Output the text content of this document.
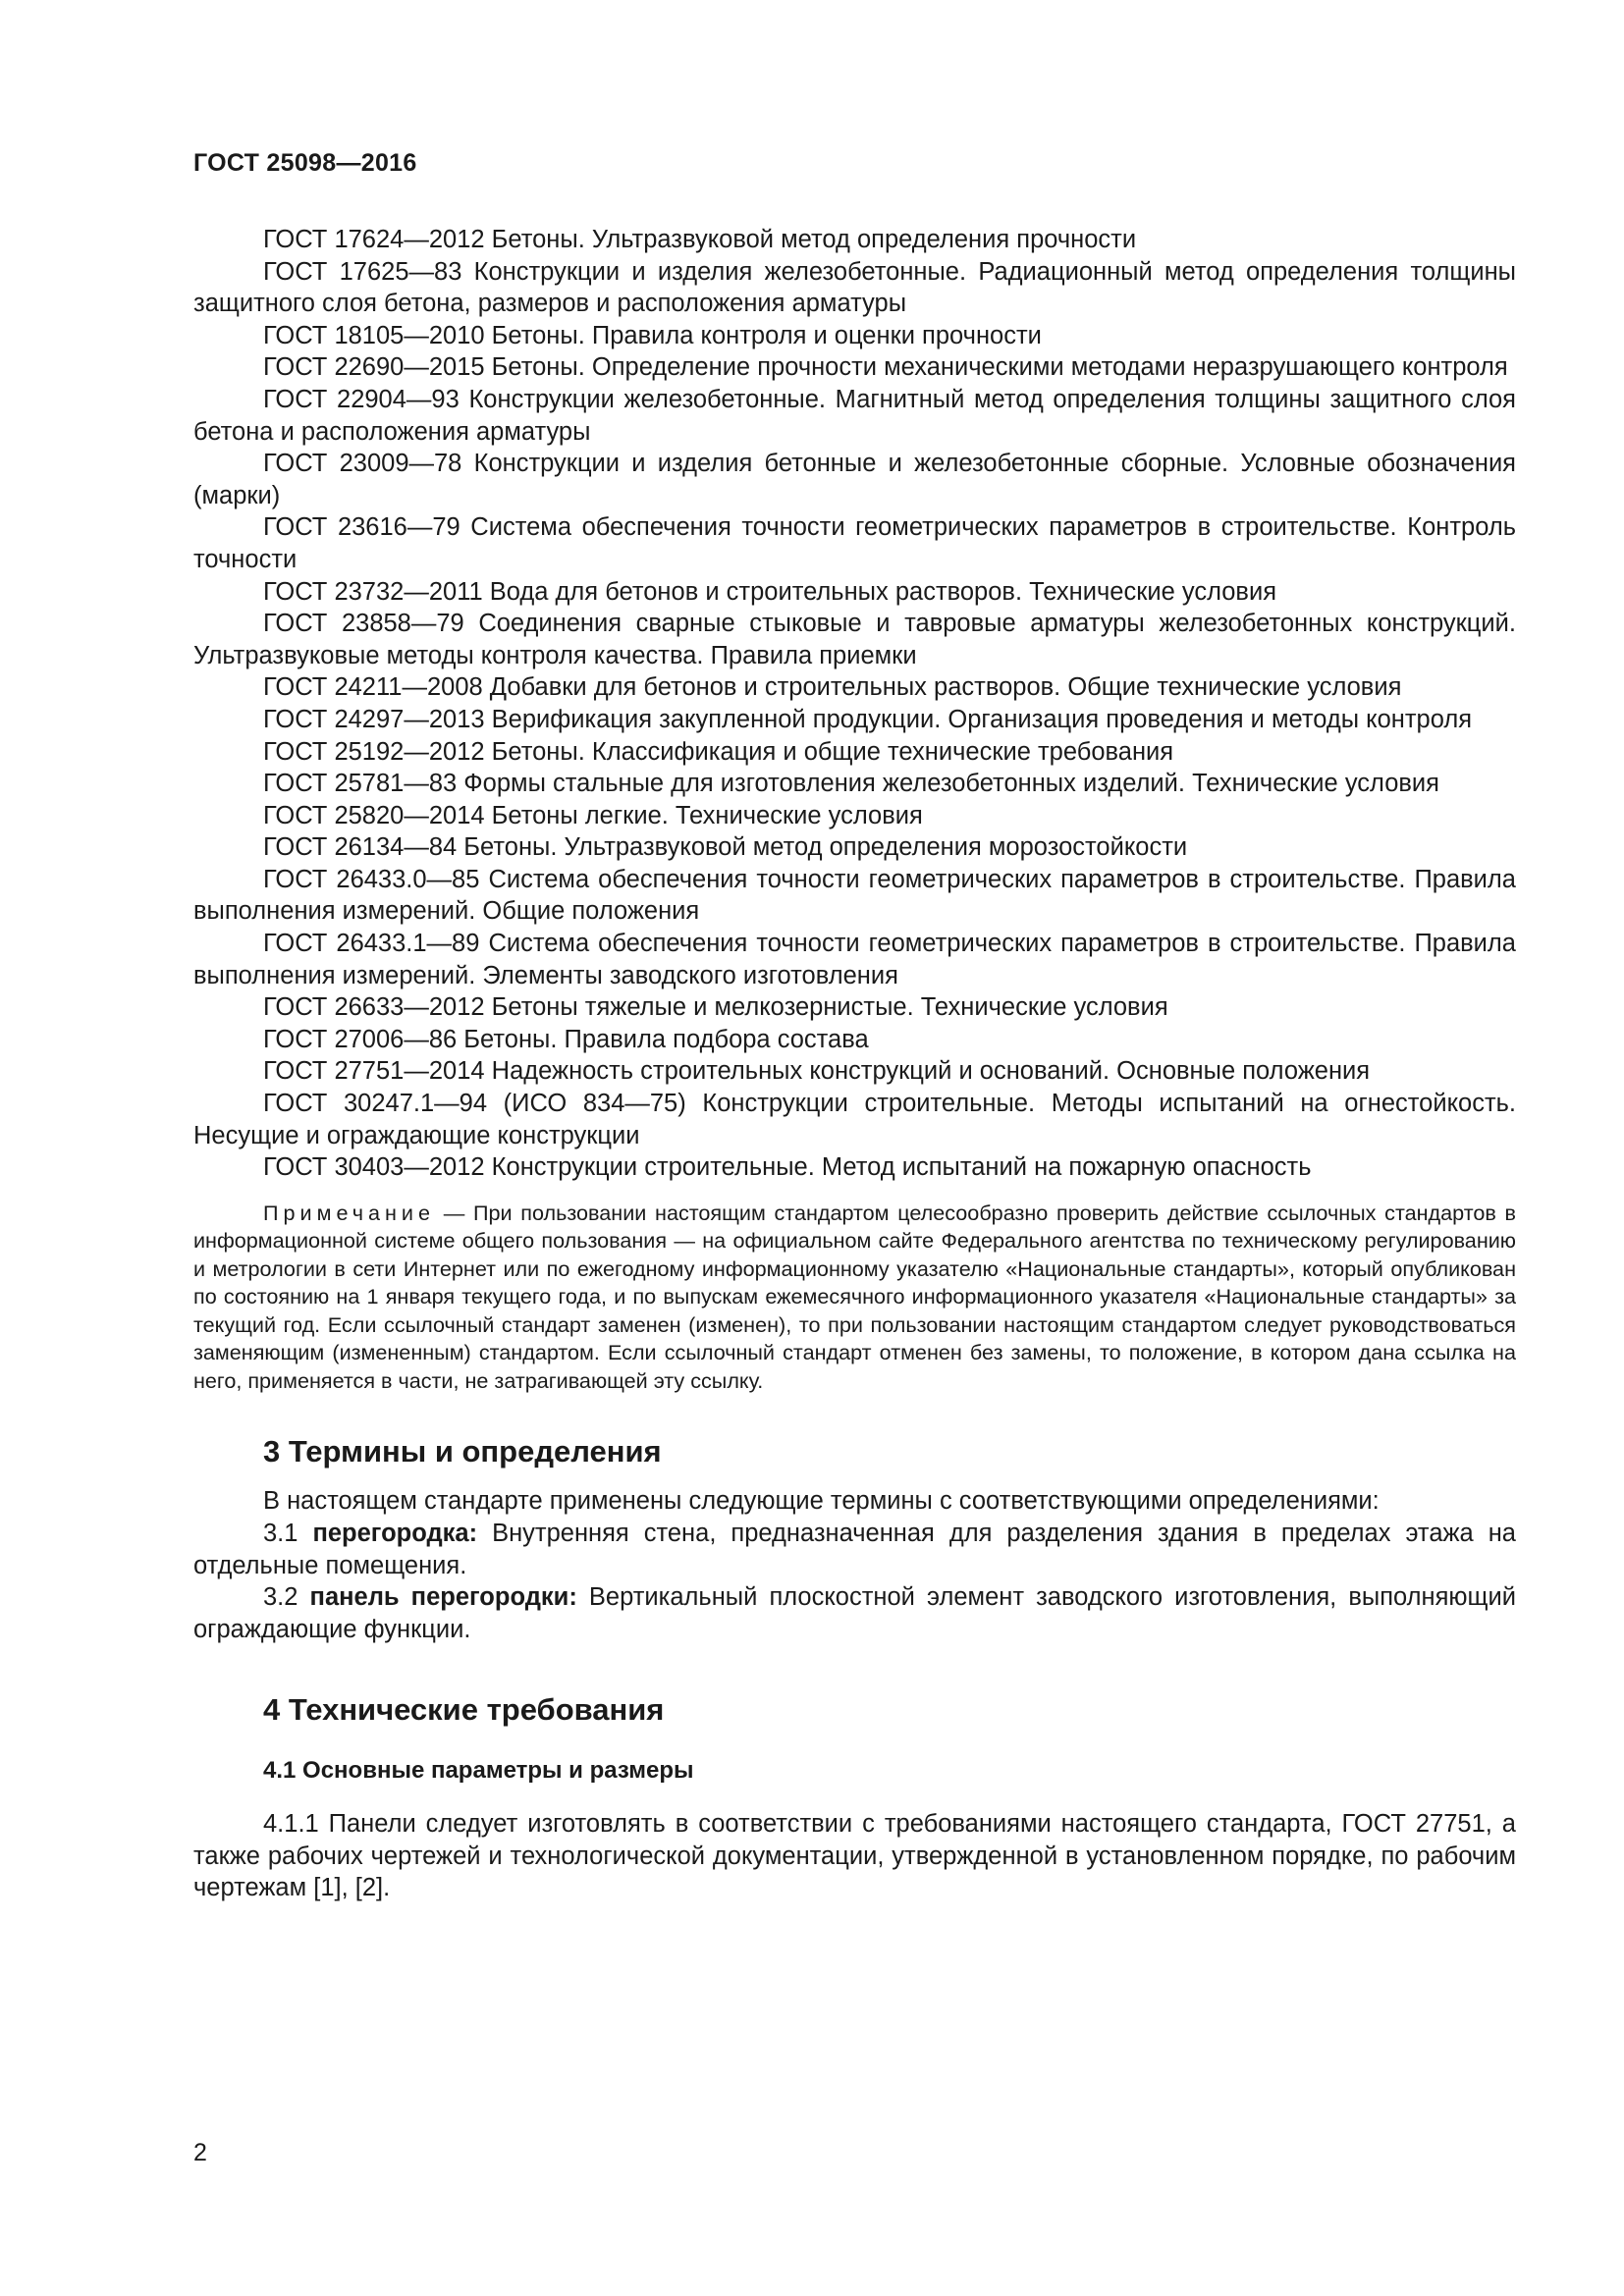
ГОСТ 25098—2016

ГОСТ 17624—2012 Бетоны. Ультразвуковой метод определения прочности

ГОСТ 17625—83 Конструкции и изделия железобетонные. Радиационный метод определения толщины защитного слоя бетона, размеров и расположения арматуры

ГОСТ 18105—2010 Бетоны. Правила контроля и оценки прочности

ГОСТ 22690—2015 Бетоны. Определение прочности механическими методами неразрушающего контроля

ГОСТ 22904—93 Конструкции железобетонные. Магнитный метод определения толщины защитного слоя бетона и расположения арматуры

ГОСТ 23009—78 Конструкции и изделия бетонные и железобетонные сборные. Условные обозначения (марки)

ГОСТ 23616—79 Система обеспечения точности геометрических параметров в строительстве. Контроль точности

ГОСТ 23732—2011 Вода для бетонов и строительных растворов. Технические условия

ГОСТ 23858—79 Соединения сварные стыковые и тавровые арматуры железобетонных конструкций. Ультразвуковые методы контроля качества. Правила приемки

ГОСТ 24211—2008 Добавки для бетонов и строительных растворов. Общие технические условия

ГОСТ 24297—2013 Верификация закупленной продукции. Организация проведения и методы контроля

ГОСТ 25192—2012 Бетоны. Классификация и общие технические требования

ГОСТ 25781—83 Формы стальные для изготовления железобетонных изделий. Технические условия

ГОСТ 25820—2014 Бетоны легкие. Технические условия

ГОСТ 26134—84 Бетоны. Ультразвуковой метод определения морозостойкости

ГОСТ 26433.0—85 Система обеспечения точности геометрических параметров в строительстве. Правила выполнения измерений. Общие положения

ГОСТ 26433.1—89 Система обеспечения точности геометрических параметров в строительстве. Правила выполнения измерений. Элементы заводского изготовления

ГОСТ 26633—2012 Бетоны тяжелые и мелкозернистые. Технические условия

ГОСТ 27006—86 Бетоны. Правила подбора состава

ГОСТ 27751—2014 Надежность строительных конструкций и оснований. Основные положения

ГОСТ 30247.1—94 (ИСО 834—75) Конструкции строительные. Методы испытаний на огнестойкость. Несущие и ограждающие конструкции

ГОСТ 30403—2012 Конструкции строительные. Метод испытаний на пожарную опасность

Примечание — При пользовании настоящим стандартом целесообразно проверить действие ссылочных стандартов в информационной системе общего пользования — на официальном сайте Федерального агентства по техническому регулированию и метрологии в сети Интернет или по ежегодному информационному указателю «Национальные стандарты», который опубликован по состоянию на 1 января текущего года, и по выпускам ежемесячного информационного указателя «Национальные стандарты» за текущий год. Если ссылочный стандарт заменен (изменен), то при пользовании настоящим стандартом следует руководствоваться заменяющим (измененным) стандартом. Если ссылочный стандарт отменен без замены, то положение, в котором дана ссылка на него, применяется в части, не затрагивающей эту ссылку.

3 Термины и определения

В настоящем стандарте применены следующие термины с соответствующими определениями:

3.1 перегородка: Внутренняя стена, предназначенная для разделения здания в пределах этажа на отдельные помещения.

3.2 панель перегородки: Вертикальный плоскостной элемент заводского изготовления, выполняющий ограждающие функции.

4 Технические требования
4.1 Основные параметры и размеры

4.1.1 Панели следует изготовлять в соответствии с требованиями настоящего стандарта, ГОСТ 27751, а также рабочих чертежей и технологической документации, утвержденной в установленном порядке, по рабочим чертежам [1], [2].

2
